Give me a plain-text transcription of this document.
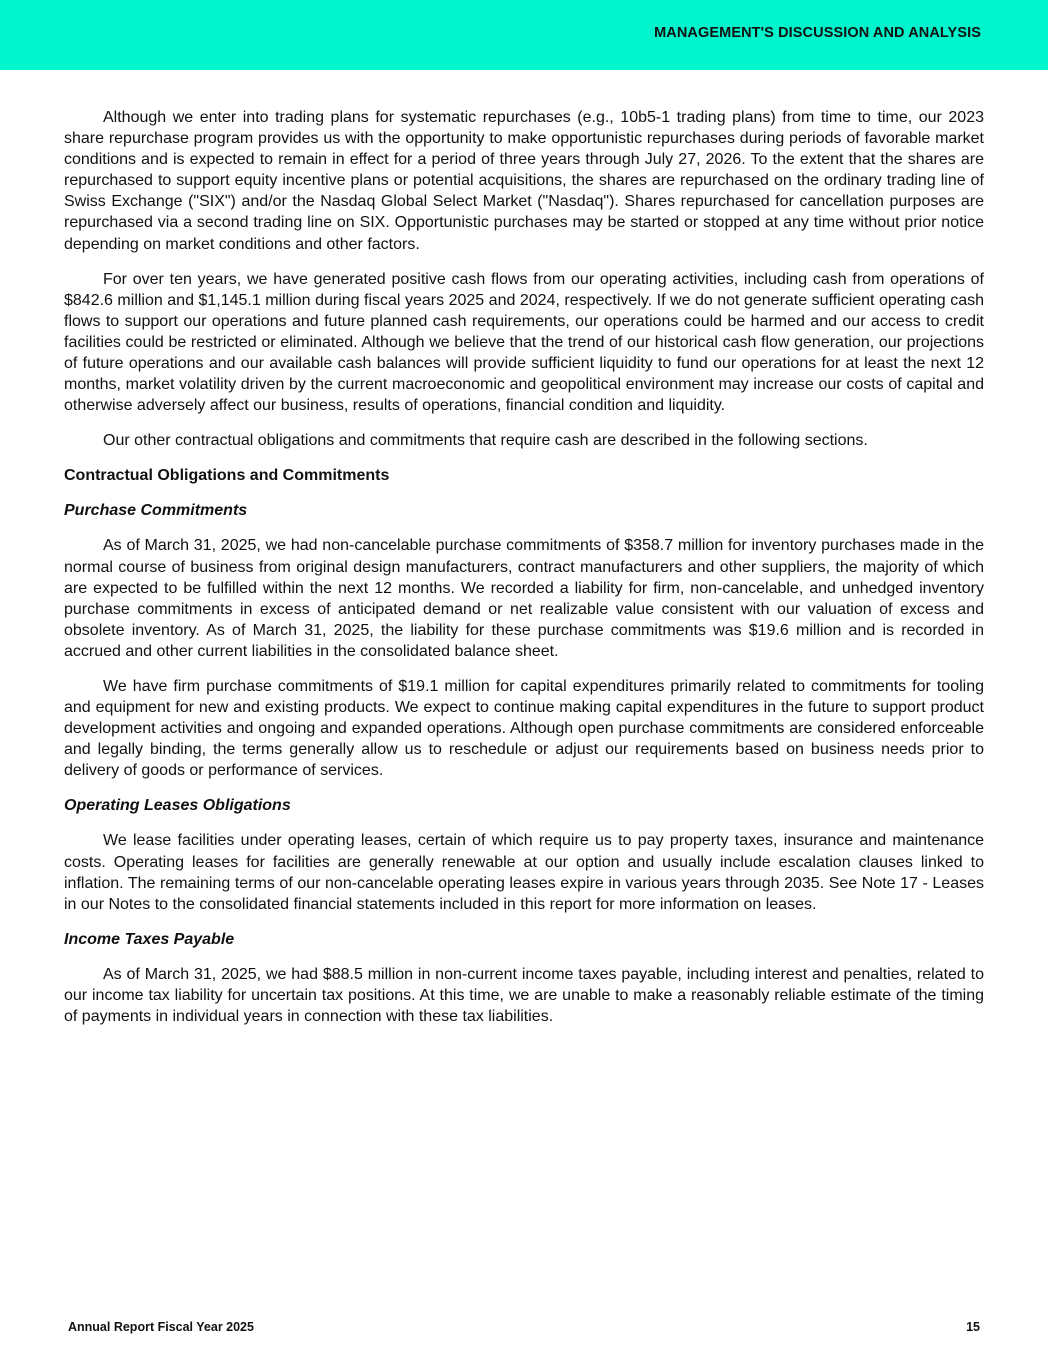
MANAGEMENT'S DISCUSSION AND ANALYSIS

Although we enter into trading plans for systematic repurchases (e.g., 10b5-1 trading plans) from time to time, our 2023 share repurchase program provides us with the opportunity to make opportunistic repurchases during periods of favorable market conditions and is expected to remain in effect for a period of three years through July 27, 2026. To the extent that the shares are repurchased to support equity incentive plans or potential acquisitions, the shares are repurchased on the ordinary trading line of Swiss Exchange ("SIX") and/or the Nasdaq Global Select Market ("Nasdaq"). Shares repurchased for cancellation purposes are repurchased via a second trading line on SIX. Opportunistic purchases may be started or stopped at any time without prior notice depending on market conditions and other factors.

For over ten years, we have generated positive cash flows from our operating activities, including cash from operations of $842.6 million and $1,145.1 million during fiscal years 2025 and 2024, respectively. If we do not generate sufficient operating cash flows to support our operations and future planned cash requirements, our operations could be harmed and our access to credit facilities could be restricted or eliminated. Although we believe that the trend of our historical cash flow generation, our projections of future operations and our available cash balances will provide sufficient liquidity to fund our operations for at least the next 12 months, market volatility driven by the current macroeconomic and geopolitical environment may increase our costs of capital and otherwise adversely affect our business, results of operations, financial condition and liquidity.

Our other contractual obligations and commitments that require cash are described in the following sections.

Contractual Obligations and Commitments
Purchase Commitments

As of March 31, 2025, we had non-cancelable purchase commitments of $358.7 million for inventory purchases made in the normal course of business from original design manufacturers, contract manufacturers and other suppliers, the majority of which are expected to be fulfilled within the next 12 months. We recorded a liability for firm, non-cancelable, and unhedged inventory purchase commitments in excess of anticipated demand or net realizable value consistent with our valuation of excess and obsolete inventory. As of March 31, 2025, the liability for these purchase commitments was $19.6 million and is recorded in accrued and other current liabilities in the consolidated balance sheet.

We have firm purchase commitments of $19.1 million for capital expenditures primarily related to commitments for tooling and equipment for new and existing products. We expect to continue making capital expenditures in the future to support product development activities and ongoing and expanded operations. Although open purchase commitments are considered enforceable and legally binding, the terms generally allow us to reschedule or adjust our requirements based on business needs prior to delivery of goods or performance of services.

Operating Leases Obligations

We lease facilities under operating leases, certain of which require us to pay property taxes, insurance and maintenance costs. Operating leases for facilities are generally renewable at our option and usually include escalation clauses linked to inflation. The remaining terms of our non-cancelable operating leases expire in various years through 2035. See Note 17 - Leases in our Notes to the consolidated financial statements included in this report for more information on leases.

Income Taxes Payable

As of March 31, 2025, we had $88.5 million in non-current income taxes payable, including interest and penalties, related to our income tax liability for uncertain tax positions. At this time, we are unable to make a reasonably reliable estimate of the timing of payments in individual years in connection with these tax liabilities.

Annual Report Fiscal Year 2025	15
